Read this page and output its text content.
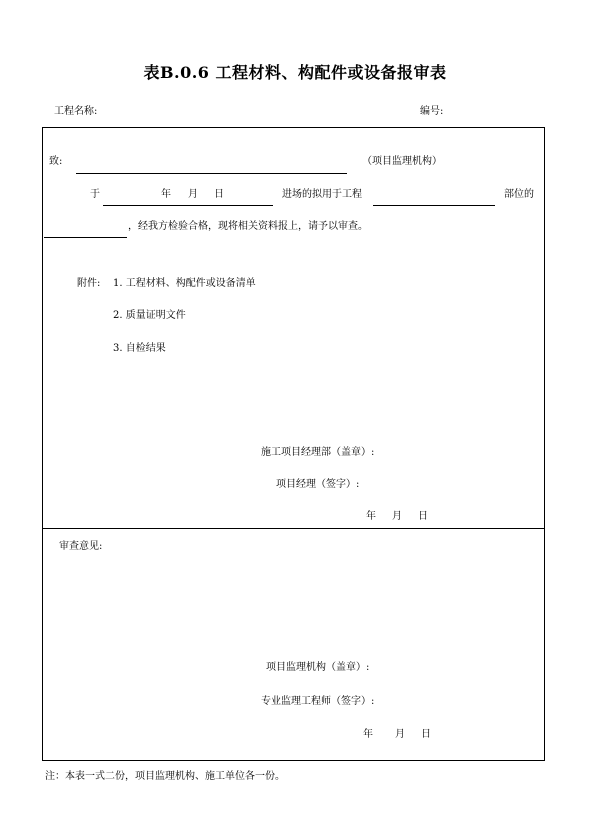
表B.0.6 工程材料、构配件或设备报审表
工程名称:	编号:
致:	（项目监理机构）
于	年 月 日	进场的拟用于工程	部位的
，经我方检验合格，现将相关资料报上，请予以审查。
附件: 1. 工程材料、构配件或设备清单
2. 质量证明文件
3. 自检结果
施工项目经理部（盖章）:
项目经理（签字）:
年 月 日
审查意见:
项目监理机构（盖章）:
专业监理工程师（签字）:
年 月 日
注：本表一式二份，项目监理机构、施工单位各一份。
